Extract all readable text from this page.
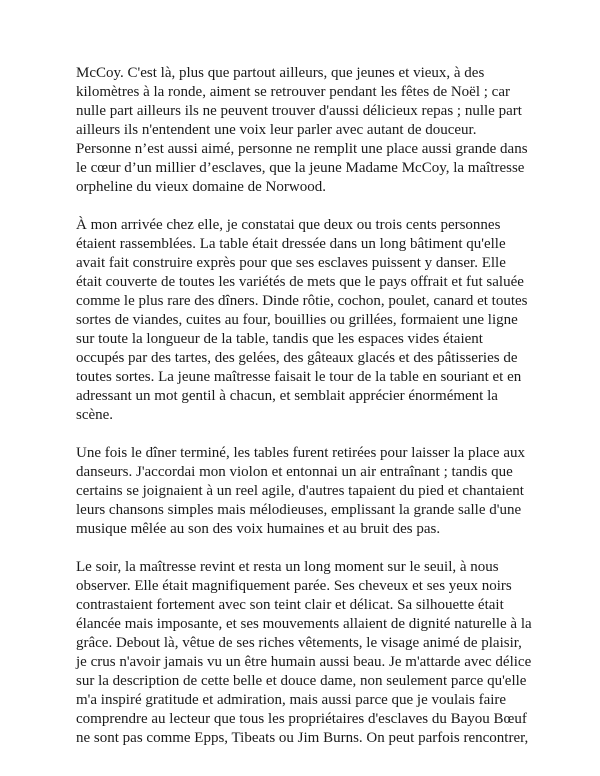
McCoy. C'est là, plus que partout ailleurs, que jeunes et vieux, à des
kilomètres à la ronde, aiment se retrouver pendant les fêtes de Noël ; car
nulle part ailleurs ils ne peuvent trouver d'aussi délicieux repas ; nulle part
ailleurs ils n'entendent une voix leur parler avec autant de douceur.
Personne n’est aussi aimé, personne ne remplit une place aussi grande dans
le cœur d’un millier d’esclaves, que la jeune Madame McCoy, la maîtresse
orpheline du vieux domaine de Norwood.

À mon arrivée chez elle, je constatai que deux ou trois cents personnes
étaient rassemblées. La table était dressée dans un long bâtiment qu'elle
avait fait construire exprès pour que ses esclaves puissent y danser. Elle
était couverte de toutes les variétés de mets que le pays offrait et fut saluée
comme le plus rare des dîners. Dinde rôtie, cochon, poulet, canard et toutes
sortes de viandes, cuites au four, bouillies ou grillées, formaient une ligne
sur toute la longueur de la table, tandis que les espaces vides étaient
occupés par des tartes, des gelées, des gâteaux glacés et des pâtisseries de
toutes sortes. La jeune maîtresse faisait le tour de la table en souriant et en
adressant un mot gentil à chacun, et semblait apprécier énormément la
scène.

Une fois le dîner terminé, les tables furent retirées pour laisser la place aux
danseurs. J'accordai mon violon et entonnai un air entraînant ; tandis que
certains se joignaient à un reel agile, d'autres tapaient du pied et chantaient
leurs chansons simples mais mélodieuses, emplissant la grande salle d'une
musique mêlée au son des voix humaines et au bruit des pas.

Le soir, la maîtresse revint et resta un long moment sur le seuil, à nous
observer. Elle était magnifiquement parée. Ses cheveux et ses yeux noirs
contrastaient fortement avec son teint clair et délicat. Sa silhouette était
élancée mais imposante, et ses mouvements allaient de dignité naturelle à la
grâce. Debout là, vêtue de ses riches vêtements, le visage animé de plaisir,
je crus n'avoir jamais vu un être humain aussi beau. Je m'attarde avec délice
sur la description de cette belle et douce dame, non seulement parce qu'elle
m'a inspiré gratitude et admiration, mais aussi parce que je voulais faire
comprendre au lecteur que tous les propriétaires d'esclaves du Bayou Bœuf
ne sont pas comme Epps, Tibeats ou Jim Burns. On peut parfois rencontrer,
